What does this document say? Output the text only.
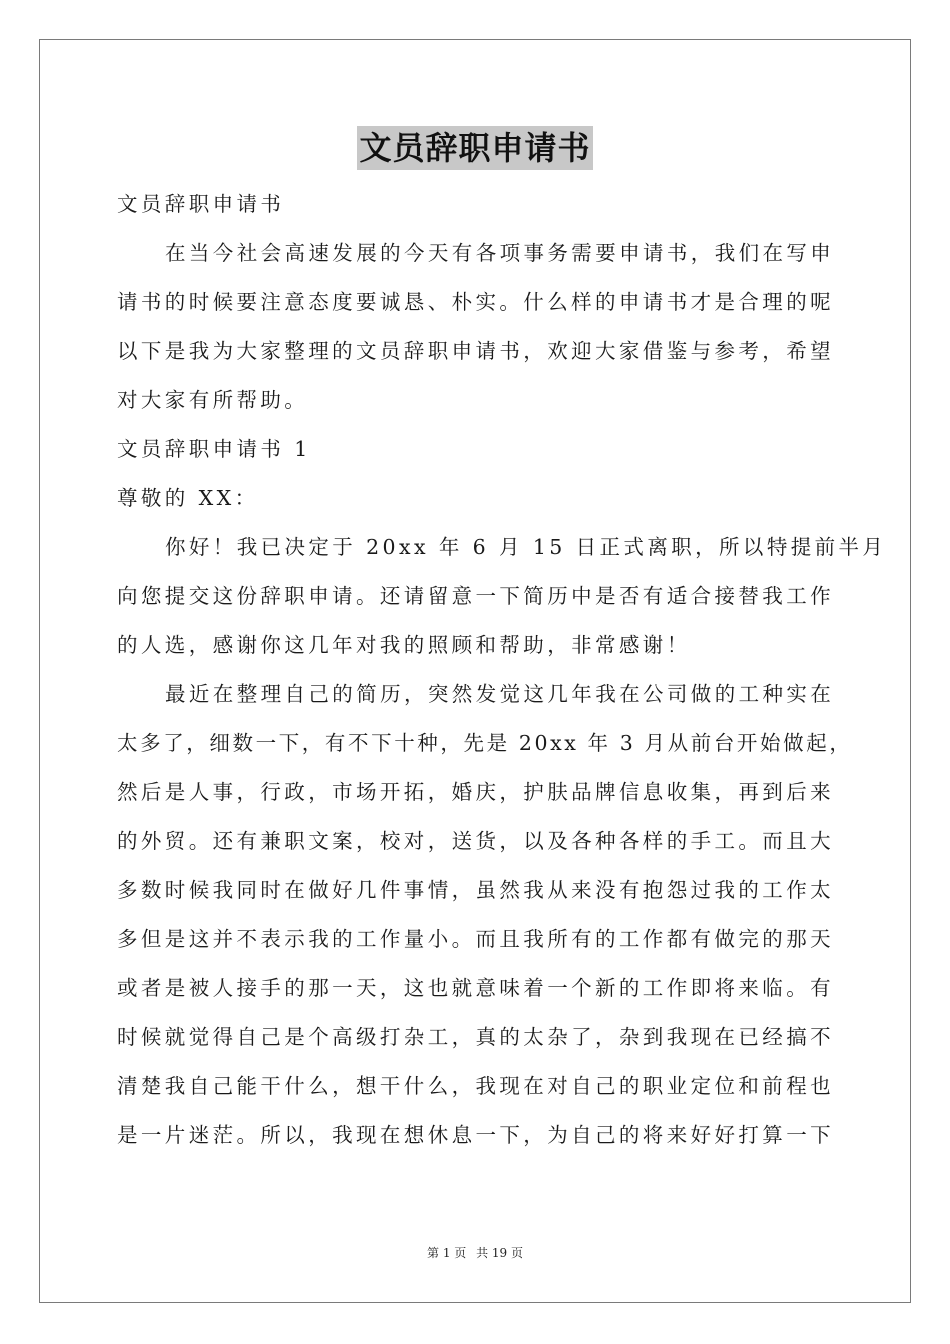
文员辞职申请书
文员辞职申请书
在当今社会高速发展的今天有各项事务需要申请书，我们在写申
请书的时候要注意态度要诚恳、朴实。什么样的申请书才是合理的呢
以下是我为大家整理的文员辞职申请书，欢迎大家借鉴与参考，希望
对大家有所帮助。
文员辞职申请书 1
尊敬的 XX：
你好！我已决定于 20xx 年 6 月 15 日正式离职，所以特提前半月
向您提交这份辞职申请。还请留意一下简历中是否有适合接替我工作
的人选，感谢你这几年对我的照顾和帮助，非常感谢！
最近在整理自己的简历，突然发觉这几年我在公司做的工种实在
太多了，细数一下，有不下十种，先是 20xx 年 3 月从前台开始做起，
然后是人事，行政，市场开拓，婚庆，护肤品牌信息收集，再到后来
的外贸。还有兼职文案，校对，送货，以及各种各样的手工。而且大
多数时候我同时在做好几件事情，虽然我从来没有抱怨过我的工作太
多但是这并不表示我的工作量小。而且我所有的工作都有做完的那天
或者是被人接手的那一天，这也就意味着一个新的工作即将来临。有
时候就觉得自己是个高级打杂工，真的太杂了，杂到我现在已经搞不
清楚我自己能干什么，想干什么，我现在对自己的职业定位和前程也
是一片迷茫。所以，我现在想休息一下，为自己的将来好好打算一下
第 1 页 共 19 页
